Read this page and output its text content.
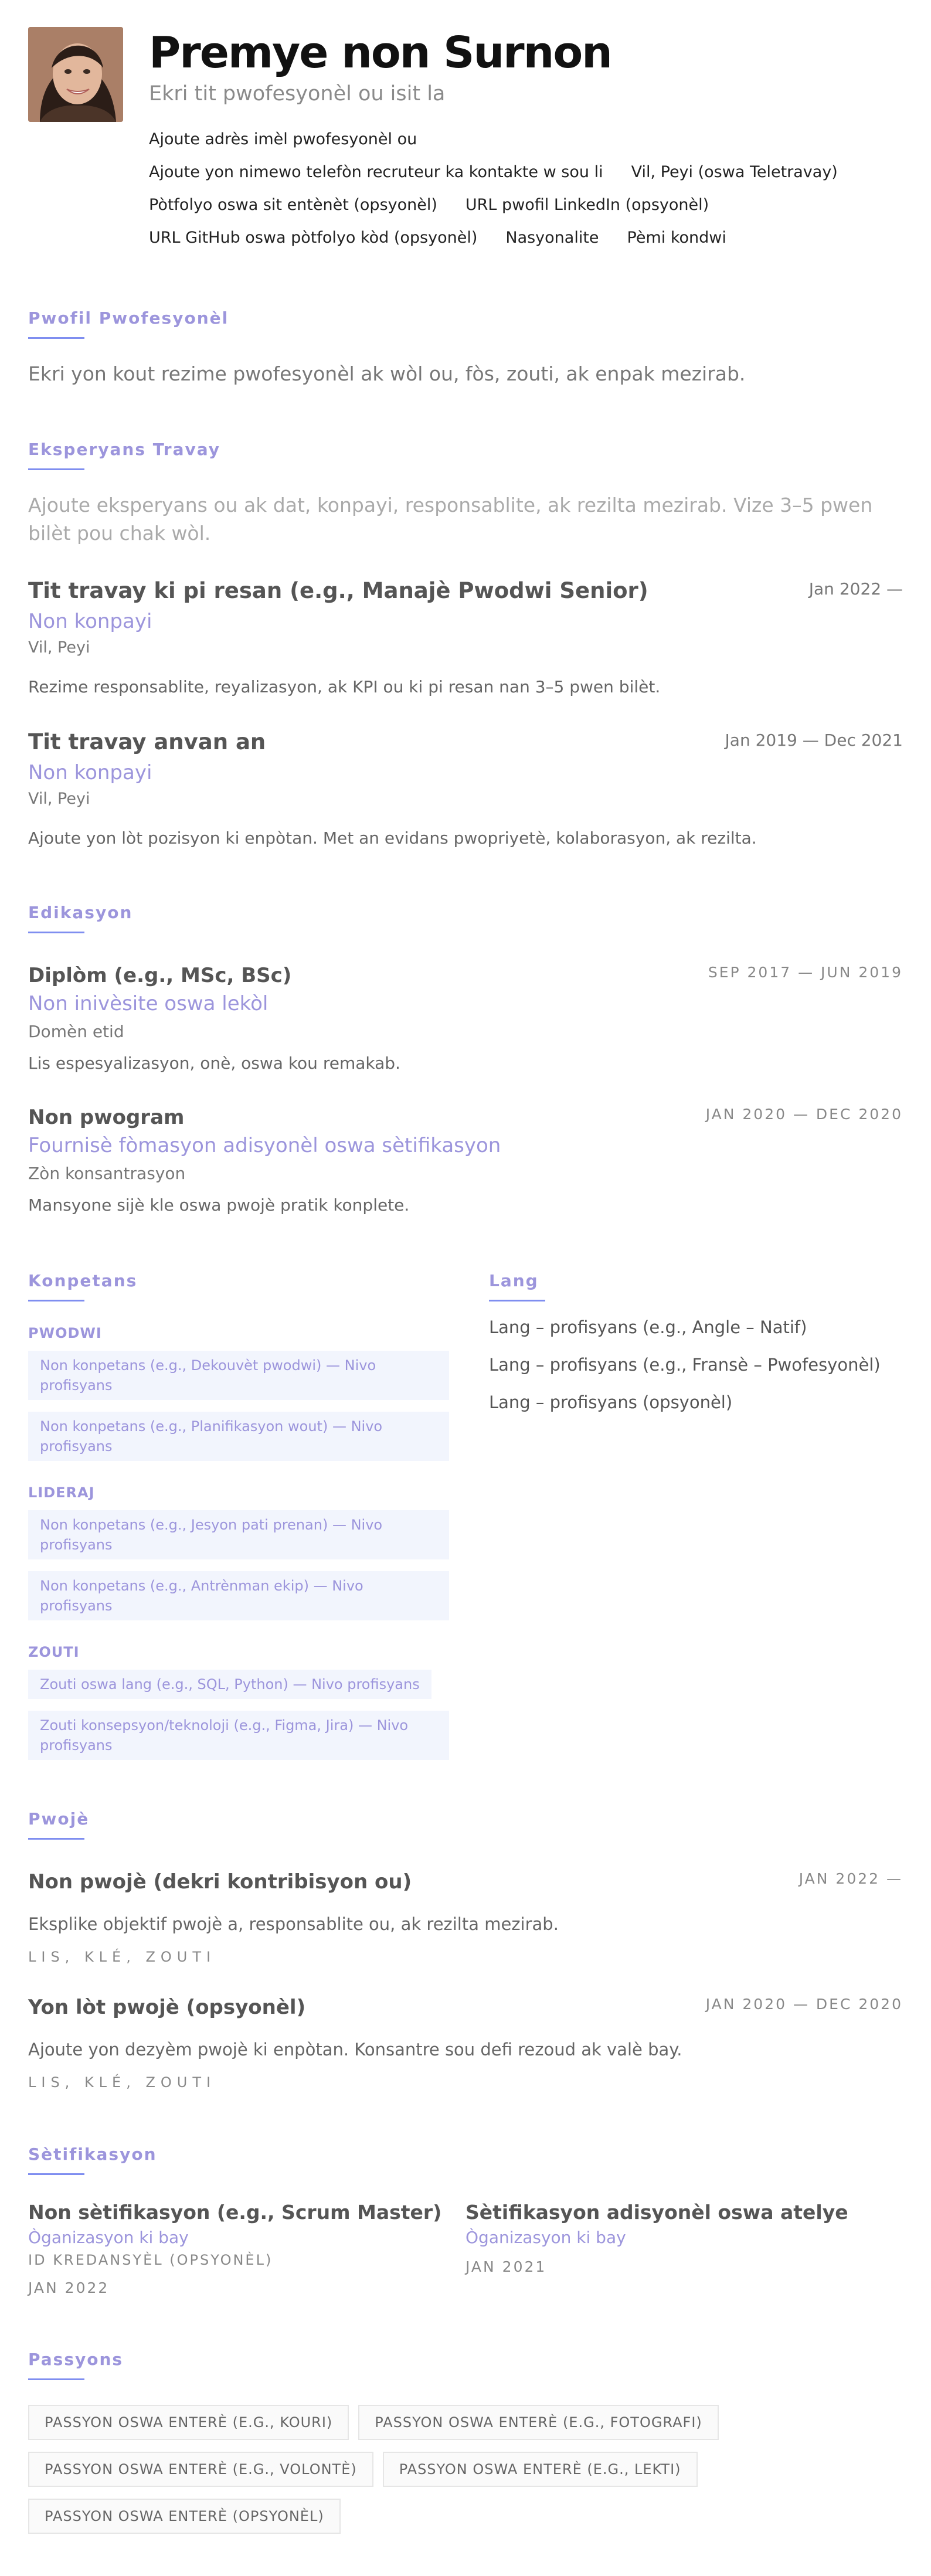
Premye non Surnon
Ekri tit pwofesyonèl ou isit la
Ajoute adrès imèl pwofesyonèl ou
Ajoute yon nimewo telefòn recruteur ka kontakte w sou li Vil, Peyi (oswa Teletravay)
Pòtfolyo oswa sit entènèt (opsyonèl) URL pwofil LinkedIn (opsyonèl)
URL GitHub oswa pòtfolyo kòd (opsyonèl) Nasyonalite Pèmi kondwi
Pwofil Pwofesyonèl
Ekri yon kout rezime pwofesyonèl ak wòl ou, fòs, zouti, ak enpak mezirab.
Eksperyans Travay
Ajoute eksperyans ou ak dat, konpayi, responsablite, ak rezilta mezirab. Vize 3–5 pwen bilèt pou chak wòl.
Tit travay ki pi resan (e.g., Manajè Pwodwi Senior)	Jan 2022 —
Non konpayi
Vil, Peyi
Rezime responsablite, reyalizasyon, ak KPI ou ki pi resan nan 3–5 pwen bilèt.
Tit travay anvan an	Jan 2019 — Dec 2021
Non konpayi
Vil, Peyi
Ajoute yon lòt pozisyon ki enpòtan. Met an evidans pwopriyetè, kolaborasyon, ak rezilta.
Edikasyon
Diplòm (e.g., MSc, BSc)	SEP 2017 — JUN 2019
Non inivèsite oswa lekòl
Domèn etid
Lis espesyalizasyon, onè, oswa kou remakab.
Non pwogram	JAN 2020 — DEC 2020
Fournisè fòmasyon adisyonèl oswa sètifikasyon
Zòn konsantrasyon
Mansyone sijè kle oswa pwojè pratik konplete.
Konpetans
PWODWI
Non konpetans (e.g., Dekouvèt pwodwi) — Nivo profisyans
Non konpetans (e.g., Planifikasyon wout) — Nivo profisyans
LIDERAJ
Non konpetans (e.g., Jesyon pati prenan) — Nivo profisyans
Non konpetans (e.g., Antrènman ekip) — Nivo profisyans
ZOUTI
Zouti oswa lang (e.g., SQL, Python) — Nivo profisyans
Zouti konsepsyon/teknoloji (e.g., Figma, Jira) — Nivo profisyans
Lang
Lang – profisyans (e.g., Angle – Natif)
Lang – profisyans (e.g., Fransè – Pwofesyonèl)
Lang – profisyans (opsyonèl)
Pwojè
Non pwojè (dekri kontribisyon ou)	JAN 2022 —
Eksplike objektif pwojè a, responsablite ou, ak rezilta mezirab.
LIS, KLÉ, ZOUTI
Yon lòt pwojè (opsyonèl)	JAN 2020 — DEC 2020
Ajoute yon dezyèm pwojè ki enpòtan. Konsantre sou defi rezoud ak valè bay.
LIS, KLÉ, ZOUTI
Sètifikasyon
Non sètifikasyon (e.g., Scrum Master)
Òganizasyon ki bay
ID KREDANSYÈL (OPSYONÈL)
JAN 2022
Sètifikasyon adisyonèl oswa atelye
Òganizasyon ki bay
JAN 2021
Passyons
PASSYON OSWA ENTERÈ (E.G., KOURI)	PASSYON OSWA ENTERÈ (E.G., FOTOGRAFI)
PASSYON OSWA ENTERÈ (E.G., VOLONTÈ)	PASSYON OSWA ENTERÈ (E.G., LEKTI)
PASSYON OSWA ENTERÈ (OPSYONÈL)
